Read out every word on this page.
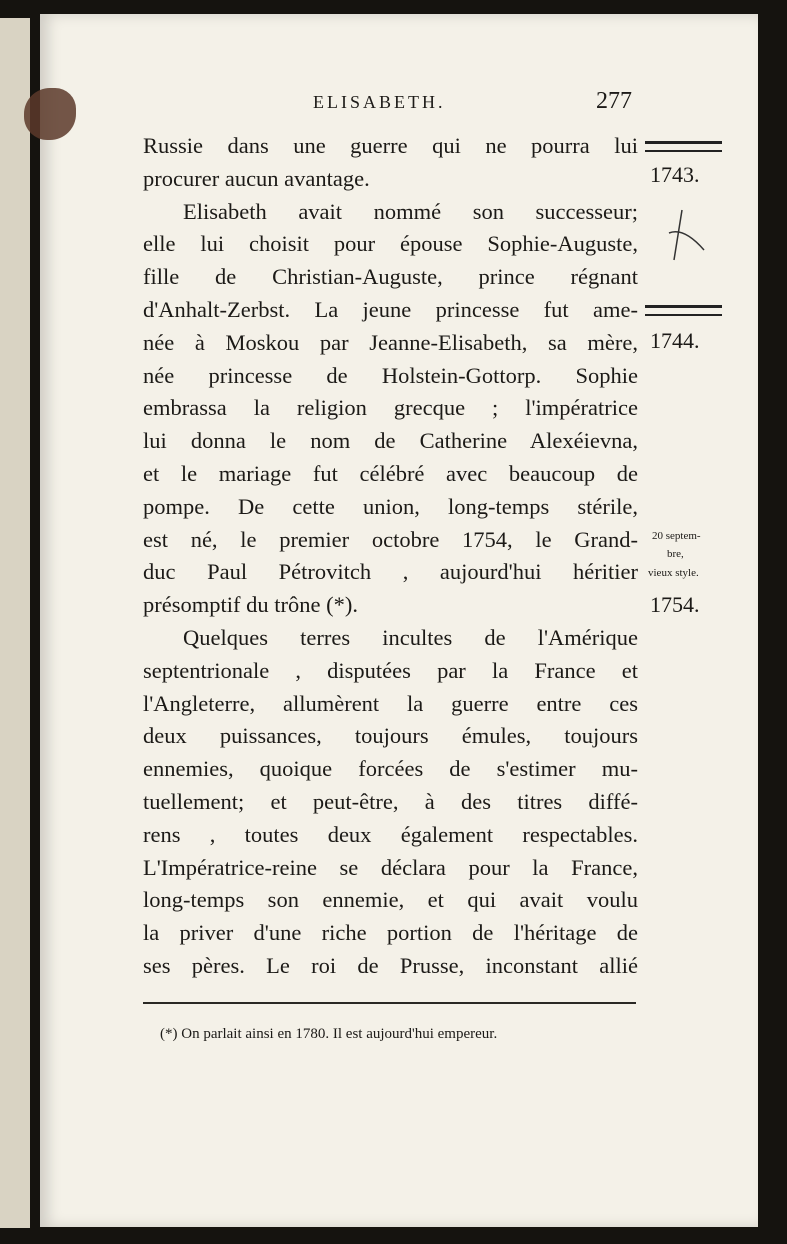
ELISABETH.	277
Russie dans une guerre qui ne pourra lui
procurer aucun avantage.
Elisabeth avait nommé son successeur;
elle lui choisit pour épouse Sophie-Auguste,
fille de Christian-Auguste, prince régnant
d'Anhalt-Zerbst. La jeune princesse fut ame-
née à Moskou par Jeanne-Elisabeth, sa mère,
née princesse de Holstein-Gottorp. Sophie
embrassa la religion grecque ; l'impératrice
lui donna le nom de Catherine Alexéievna,
et le mariage fut célébré avec beaucoup de
pompe. De cette union, long-temps stérile,
est né, le premier octobre 1754, le Grand-
duc Paul Pétrovitch , aujourd'hui héritier
présomptif du trône (*).
Quelques terres incultes de l'Amérique
septentrionale , disputées par la France et
l'Angleterre, allumèrent la guerre entre ces
deux puissances, toujours émules, toujours
ennemies, quoique forcées de s'estimer mu-
tuellement; et peut-être, à des titres diffé-
rens , toutes deux également respectables.
L'Impératrice-reine se déclara pour la France,
long-temps son ennemie, et qui avait voulu
la priver d'une riche portion de l'héritage de
ses pères. Le roi de Prusse, inconstant allié
1743.
1744.
20 septem-
bre,
vieux style.
1754.
(*) On parlait ainsi en 1780. Il est aujourd'hui empereur.
